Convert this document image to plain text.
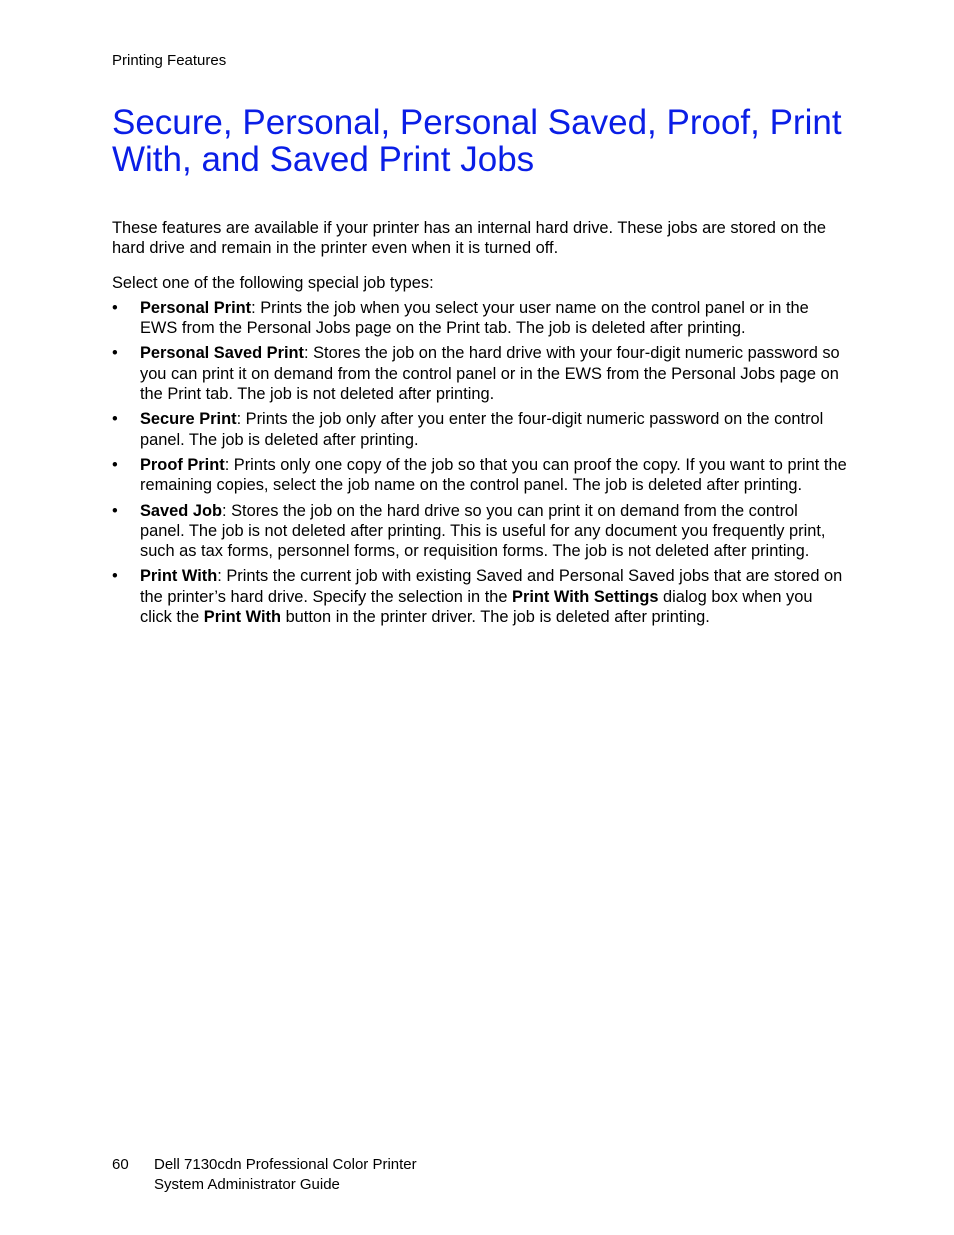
Printing Features
Secure, Personal, Personal Saved, Proof, Print With, and Saved Print Jobs

These features are available if your printer has an internal hard drive. These jobs are stored on the hard drive and remain in the printer even when it is turned off.

Select one of the following special job types:

• Personal Print: Prints the job when you select your user name on the control panel or in the EWS from the Personal Jobs page on the Print tab. The job is deleted after printing.
• Personal Saved Print: Stores the job on the hard drive with your four-digit numeric password so you can print it on demand from the control panel or in the EWS from the Personal Jobs page on the Print tab. The job is not deleted after printing.
• Secure Print: Prints the job only after you enter the four-digit numeric password on the control panel. The job is deleted after printing.
• Proof Print: Prints only one copy of the job so that you can proof the copy. If you want to print the remaining copies, select the job name on the control panel. The job is deleted after printing.
• Saved Job: Stores the job on the hard drive so you can print it on demand from the control panel. The job is not deleted after printing. This is useful for any document you frequently print, such as tax forms, personnel forms, or requisition forms. The job is not deleted after printing.
• Print With: Prints the current job with existing Saved and Personal Saved jobs that are stored on the printer’s hard drive. Specify the selection in the Print With Settings dialog box when you click the Print With button in the printer driver. The job is deleted after printing.
60 Dell 7130cdn Professional Color Printer
System Administrator Guide
